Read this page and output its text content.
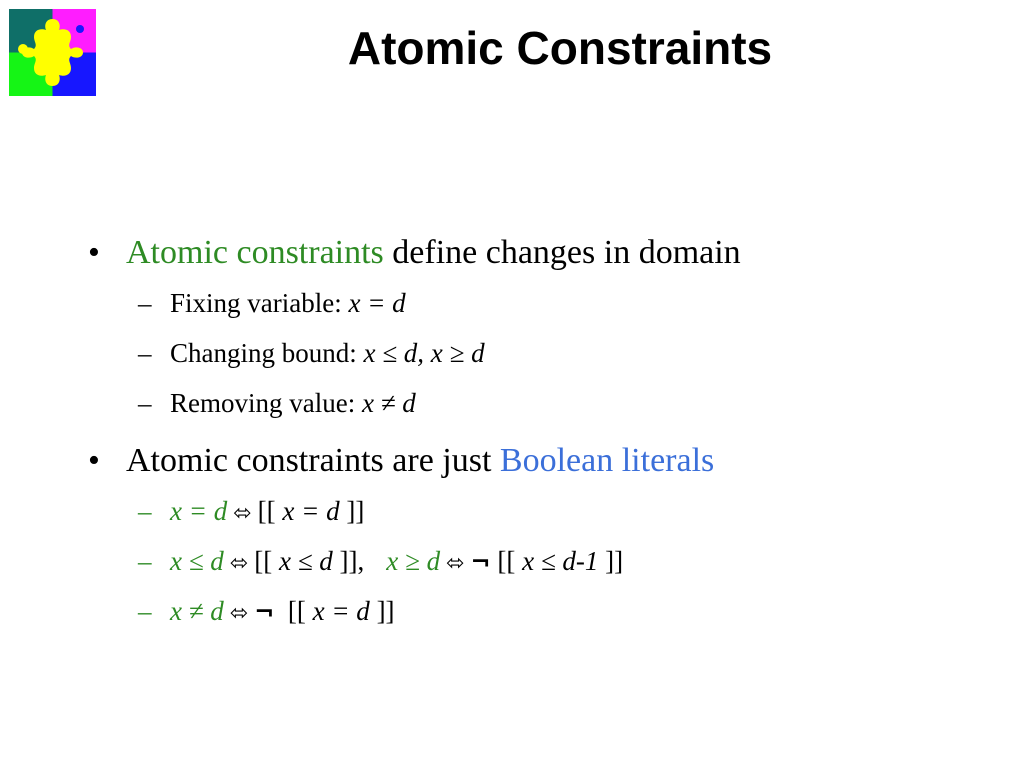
Atomic Constraints
• Atomic constraints define changes in domain
– Fixing variable: x = d
– Changing bound: x ≤ d, x ≥ d
– Removing value: x ≠ d
• Atomic constraints are just Boolean literals
– x = d ⬄ [[ x = d ]]
– x ≤ d ⬄ [[ x ≤ d ]], x ≥ d ⬄ ¬ [[ x ≤ d-1 ]]
– x ≠ d ⬄ ¬  [[ x = d ]]
